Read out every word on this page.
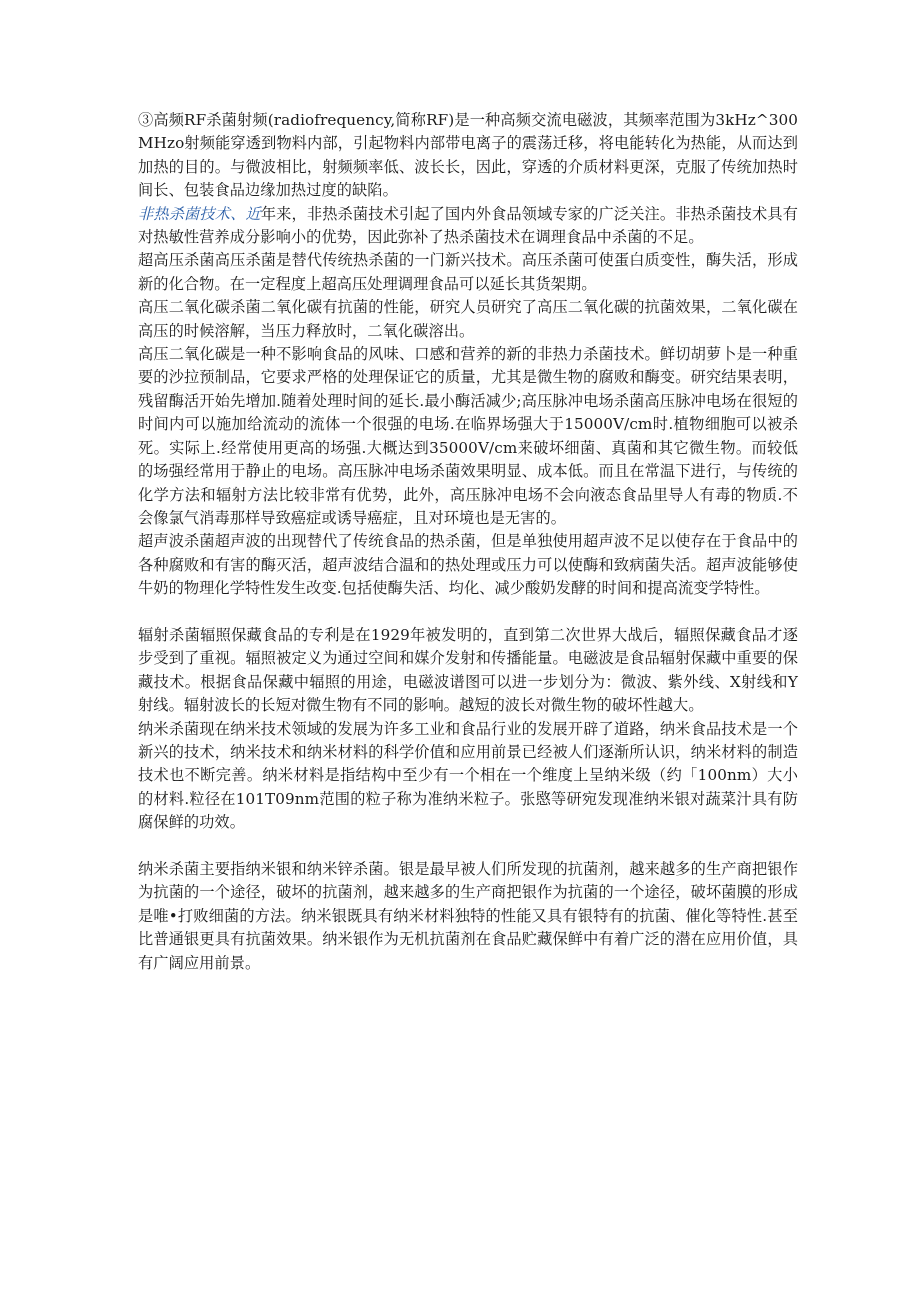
③高频RF杀菌射频(radiofrequency,简称RF)是一种高频交流电磁波，其频率范围为3kHz^300MHzo射频能穿透到物料内部，引起物料内部带电离子的震荡迁移，将电能转化为热能，从而达到加热的目的。与微波相比，射频频率低、波长长，因此，穿透的介质材料更深，克服了传统加热时间长、包装食品边缘加热过度的缺陷。

非热杀菌技术、近年来，非热杀菌技术引起了国内外食品领域专家的广泛关注。非热杀菌技术具有对热敏性营养成分影响小的优势，因此弥补了热杀菌技术在调理食品中杀菌的不足。

超高压杀菌高压杀菌是替代传统热杀菌的一门新兴技术。高压杀菌可使蛋白质变性，酶失活，形成新的化合物。在一定程度上超高压处理调理食品可以延长其货架期。

高压二氧化碳杀菌二氧化碳有抗菌的性能，研究人员研究了高压二氧化碳的抗菌效果，二氧化碳在高压的时候溶解，当压力释放时，二氧化碳溶出。

高压二氧化碳是一种不影响食品的风味、口感和营养的新的非热力杀菌技术。鲜切胡萝卜是一种重要的沙拉预制品，它要求严格的处理保证它的质量，尤其是微生物的腐败和酶变。研究结果表明，残留酶活开始先增加.随着处理时间的延长.最小酶活减少;高压脉冲电场杀菌高压脉冲电场在很短的时间内可以施加给流动的流体一个很强的电场.在临界场强大于15000V/cm时.植物细胞可以被杀死。实际上.经常使用更高的场强.大概达到35000V/cm来破坏细菌、真菌和其它微生物。而较低的场强经常用于静止的电场。高压脉冲电场杀菌效果明显、成本低。而且在常温下进行，与传统的化学方法和辐射方法比较非常有优势，此外，高压脉冲电场不会向液态食品里导人有毒的物质.不会像氯气消毒那样导致癌症或诱导癌症，且对环境也是无害的。

超声波杀菌超声波的出现替代了传统食品的热杀菌，但是单独使用超声波不足以使存在于食品中的各种腐败和有害的酶灭活，超声波结合温和的热处理或压力可以使酶和致病菌失活。超声波能够使牛奶的物理化学特性发生改变.包括使酶失活、均化、减少酸奶发酵的时间和提高流变学特性。

辐射杀菌辐照保藏食品的专利是在1929年被发明的，直到第二次世界大战后，辐照保藏食品才逐步受到了重视。辐照被定义为通过空间和媒介发射和传播能量。电磁波是食品辐射保藏中重要的保藏技术。根据食品保藏中辐照的用途，电磁波谱图可以进一步划分为：微波、紫外线、X射线和Y射线。辐射波长的长短对微生物有不同的影响。越短的波长对微生物的破坏性越大。

纳米杀菌现在纳米技术领域的发展为许多工业和食品行业的发展开辟了道路，纳米食品技术是一个新兴的技术，纳米技术和纳米材料的科学价值和应用前景已经被人们逐渐所认识，纳米材料的制造技术也不断完善。纳米材料是指结构中至少有一个相在一个维度上呈纳米级（约「100nm）大小的材料.粒径在101T09nm范围的粒子称为准纳米粒子。张愍等研宛发现准纳米银对蔬菜汁具有防腐保鲜的功效。

纳米杀菌主要指纳米银和纳米锌杀菌。银是最早被人们所发现的抗菌剂，越来越多的生产商把银作为抗菌的一个途径，破坏的抗菌剂，越来越多的生产商把银作为抗菌的一个途径，破坏菌膜的形成是唯•打败细菌的方法。纳米银既具有纳米材料独特的性能又具有银特有的抗菌、催化等特性.甚至比普通银更具有抗菌效果。纳米银作为无机抗菌剂在食品贮藏保鲜中有着广泛的潜在应用价值，具有广阔应用前景。
